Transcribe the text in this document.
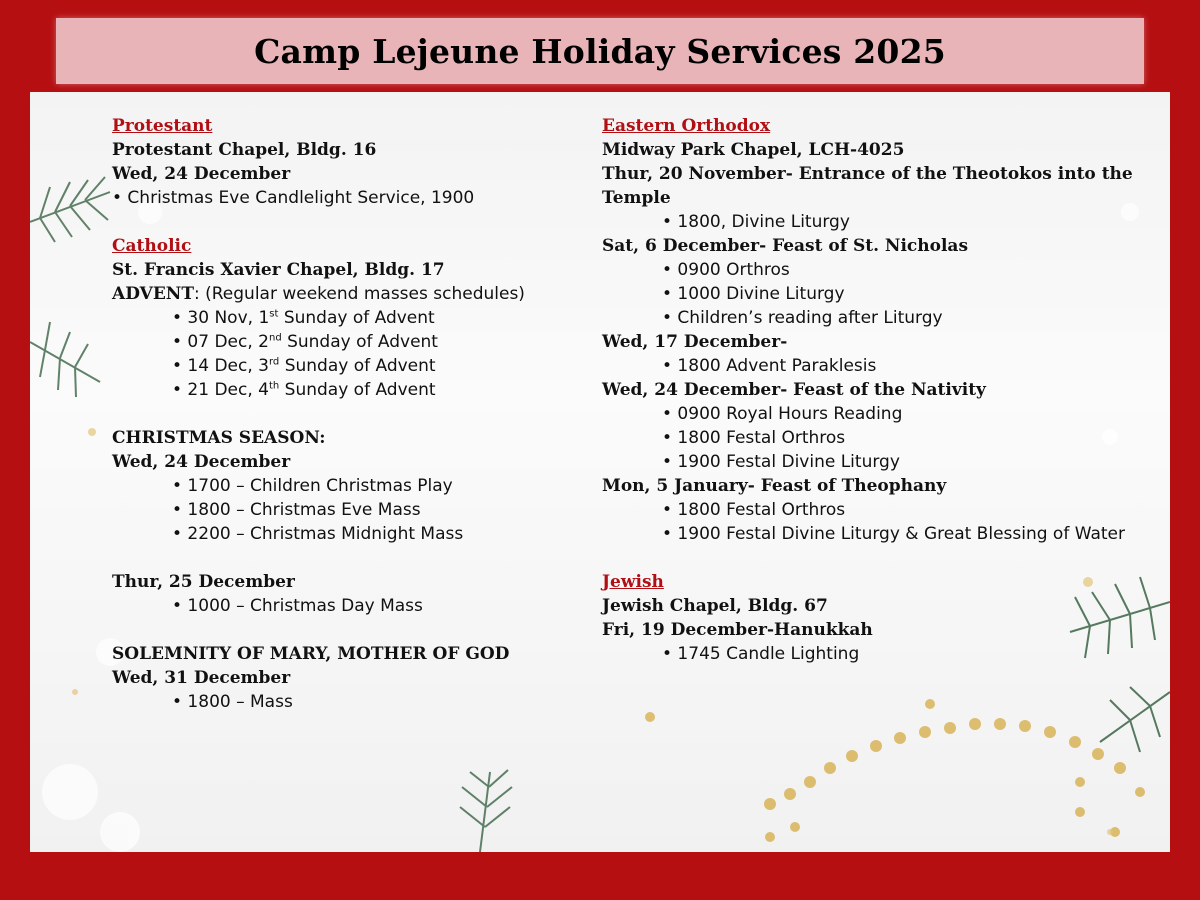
Camp Lejeune Holiday Services 2025
Protestant
Protestant Chapel, Bldg. 16
Wed, 24 December
• Christmas Eve Candlelight Service, 1900
Catholic
St. Francis Xavier Chapel, Bldg. 17
ADVENT: (Regular weekend masses schedules)
• 30 Nov, 1st Sunday of Advent
• 07 Dec, 2nd Sunday of Advent
• 14 Dec, 3rd Sunday of Advent
• 21 Dec, 4th Sunday of Advent
CHRISTMAS SEASON:
Wed, 24 December
• 1700 – Children Christmas Play
• 1800 – Christmas Eve Mass
• 2200 – Christmas Midnight Mass
Thur, 25 December
• 1000 – Christmas Day Mass
SOLEMNITY OF MARY, MOTHER OF GOD
Wed, 31 December
• 1800 – Mass
Eastern Orthodox
Midway Park Chapel, LCH-4025
Thur, 20 November- Entrance of the Theotokos into the Temple
• 1800, Divine Liturgy
Sat, 6 December- Feast of St. Nicholas
• 0900 Orthros
• 1000 Divine Liturgy
• Children’s reading after Liturgy
Wed, 17 December-
• 1800 Advent Paraklesis
Wed, 24 December- Feast of the Nativity
• 0900 Royal Hours Reading
• 1800 Festal Orthros
• 1900 Festal Divine Liturgy
Mon, 5 January- Feast of Theophany
• 1800 Festal Orthros
• 1900 Festal Divine Liturgy & Great Blessing of Water
Jewish
Jewish Chapel, Bldg. 67
Fri, 19 December-Hanukkah
• 1745 Candle Lighting
